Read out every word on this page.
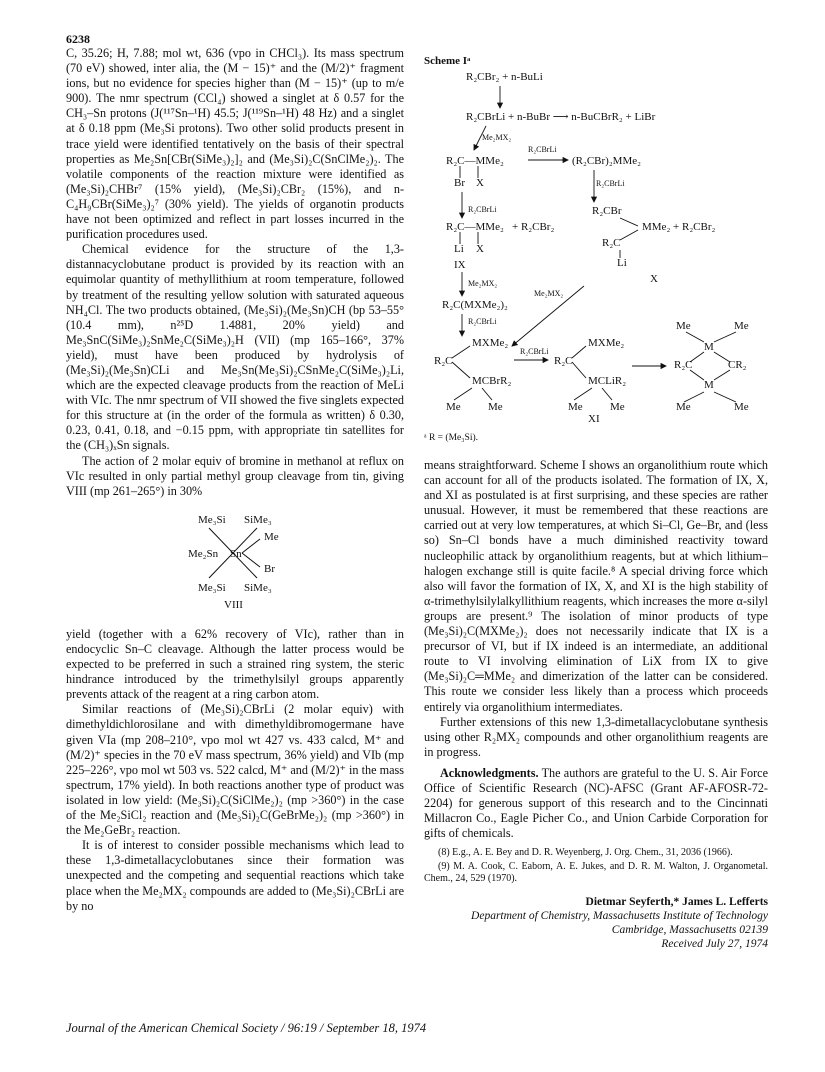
6238

C, 35.26; H, 7.88; mol wt, 636 (vpo in CHCl₃). Its mass spectrum (70 eV) showed, inter alia, the (M − 15)⁺ and the (M/2)⁺ fragment ions, but no evidence for species higher than (M − 15)⁺ (up to m/e 900). The nmr spectrum (CCl₄) showed a singlet at δ 0.57 for the CH₃–Sn protons (J(¹¹⁷Sn–¹H) 45.5; J(¹¹⁹Sn–¹H) 48 Hz) and a singlet at δ 0.18 ppm (Me₃Si protons). Two other solid products present in trace yield were identified tentatively on the basis of their spectral properties as Me₂Sn[CBr(SiMe₃)₂]₂ and (Me₃Si)₂C(SnClMe₂)₂. The volatile components of the reaction mixture were identified as (Me₃Si)₂CHBr⁷ (15% yield), (Me₃Si)₂CBr₂ (15%), and n-C₄H₉CBr(SiMe₃)₂⁷ (30% yield). The yields of organotin products have not been optimized and reflect in part losses incurred in the purification procedures used.

Chemical evidence for the structure of the 1,3-distannacyclobutane product is provided by its reaction with an equimolar quantity of methyllithium at room temperature, followed by treatment of the resulting yellow solution with saturated aqueous NH₄Cl. The two products obtained, (Me₃Si)₂(Me₃Sn)CH (bp 53–55° (10.4 mm), n²⁵D 1.4881, 20% yield) and Me₃SnC(SiMe₃)₂SnMe₂C(SiMe₃)₂H (VII) (mp 165–166°, 37% yield), must have been produced by hydrolysis of (Me₃Si)₂(Me₃Sn)CLi and Me₃Sn(Me₃Si)₂CSnMe₂C(SiMe₃)₂Li, which are the expected cleavage products from the reaction of MeLi with VIc. The nmr spectrum of VII showed the five singlets expected for this structure at (in the order of the formula as written) δ 0.30, 0.23, 0.41, 0.18, and −0.15 ppm, with appropriate tin satellites for the (CH₃)ₓSn signals.

The action of 2 molar equiv of bromine in methanol at reflux on VIc resulted in only partial methyl group cleavage from tin, giving VIII (mp 261–265°) in 30%

Me₃Si SiMe₃
Me
Me₂Sn Sn
Br
Me₃Si SiMe₃
VIII

yield (together with a 62% recovery of VIc), rather than in endocyclic Sn–C cleavage. Although the latter process would be expected to be preferred in such a strained ring system, the steric hindrance introduced by the trimethylsilyl groups apparently prevents attack of the reagent at a ring carbon atom.

Similar reactions of (Me₃Si)₂CBrLi (2 molar equiv) with dimethyldichlorosilane and with dimethyldibromogermane have given VIa (mp 208–210°, vpo mol wt 427 vs. 433 calcd, M⁺ and (M/2)⁺ species in the 70 eV mass spectrum, 36% yield) and VIb (mp 225–226°, vpo mol wt 503 vs. 522 calcd, M⁺ and (M/2)⁺ in the mass spectrum, 17% yield). In both reactions another type of product was isolated in low yield: (Me₃Si)₂C(SiClMe₂)₂ (mp >360°) in the case of the Me₂SiCl₂ reaction and (Me₃Si)₂C(GeBrMe₂)₂ (mp >360°) in the Me₂GeBr₂ reaction.

It is of interest to consider possible mechanisms which lead to these 1,3-dimetallacyclobutanes since their formation was unexpected and the competing and sequential reactions which take place when the Me₂MX₂ compounds are added to (Me₃Si)₂CBrLi are by no

Scheme Iᵃ
R₂CBr₂ + n-BuLi
R₂CBrLi + n-BuBr ⟶ n-BuCBrR₂ + LiBr
Me₂MX₂
R₂CBrLi
R₂C—MMe₂	(R₂CBr)₂MMe₂
Br X	R₂CBrLi
R₂CBrLi	R₂CBr
R₂C—MMe₂ + R₂CBr₂	MMe₂ + R₂CBr₂
R₂C
Li X
IX	Li
X
Me₂MX₂
Me₂MX₂
R₂C(MXMe₂)₂
R₂CBrLi	Me	Me
MXMe₂	MXMe₂
R₂CBrLi	M
R₂C	R₂C	R₂C	CR₂
MCBrR₂	MCLiR₂	M
Me Me	Me Me	Me	Me
XI
ᵃ R = (Me₃Si).

means straightforward. Scheme I shows an organolithium route which can account for all of the products isolated. The formation of IX, X, and XI as postulated is at first surprising, and these species are rather unusual. However, it must be remembered that these reactions are carried out at very low temperatures, at which Si–Cl, Ge–Br, and (less so) Sn–Cl bonds have a much diminished reactivity toward nucleophilic attack by organolithium reagents, but at which lithium–halogen exchange still is quite facile.⁸ A special driving force which also will favor the formation of IX, X, and XI is the high stability of α-trimethylsilylalkyllithium reagents, which increases the more α-silyl groups are present.⁹ The isolation of minor products of type (Me₃Si)₂C(MXMe₂)₂ does not necessarily indicate that IX is a precursor of VI, but if IX indeed is an intermediate, an additional route to VI involving elimination of LiX from IX to give (Me₃Si)₂C═MMe₂ and dimerization of the latter can be considered. This route we consider less likely than a process which proceeds entirely via organolithium intermediates.

Further extensions of this new 1,3-dimetallacyclobutane synthesis using other R₂MX₂ compounds and other organolithium reagents are in progress.

Acknowledgments. The authors are grateful to the U. S. Air Force Office of Scientific Research (NC)-AFSC (Grant AF-AFOSR-72-2204) for generous support of this research and to the Cincinnati Millacron Co., Eagle Picher Co., and Union Carbide Corporation for gifts of chemicals.

(8) E.g., A. E. Bey and D. R. Weyenberg, J. Org. Chem., 31, 2036 (1966).

(9) M. A. Cook, C. Eaborn, A. E. Jukes, and D. R. M. Walton, J. Organometal. Chem., 24, 529 (1970).

Dietmar Seyferth,* James L. Lefferts
Department of Chemistry, Massachusetts Institute of Technology
Cambridge, Massachusetts 02139
Received July 27, 1974
Journal of the American Chemical Society / 96:19 / September 18, 1974
